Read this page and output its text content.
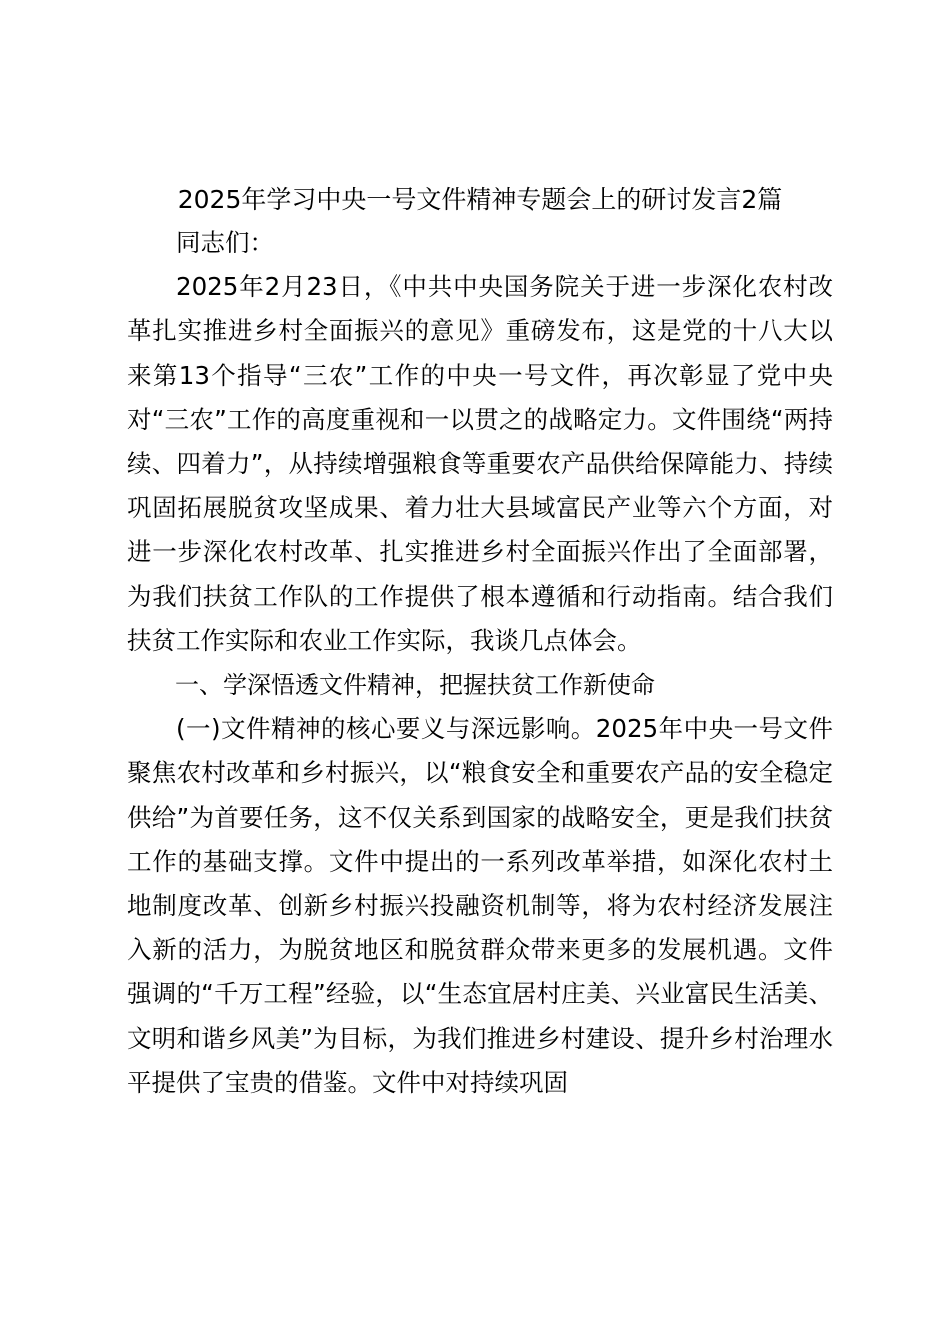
2025年学习中央一号文件精神专题会上的研讨发言2篇

同志们：

2025年2月23日，《中共中央国务院关于进一步深化农村改革扎实推进乡村全面振兴的意见》重磅发布，这是党的十八大以来第13个指导“三农”工作的中央一号文件，再次彰显了党中央对“三农”工作的高度重视和一以贯之的战略定力。文件围绕“两持续、四着力”，从持续增强粮食等重要农产品供给保障能力、持续巩固拓展脱贫攻坚成果、着力壮大县域富民产业等六个方面，对进一步深化农村改革、扎实推进乡村全面振兴作出了全面部署，为我们扶贫工作队的工作提供了根本遵循和行动指南。结合我们扶贫工作实际和农业工作实际，我谈几点体会。

一、学深悟透文件精神，把握扶贫工作新使命

(一)文件精神的核心要义与深远影响。2025年中央一号文件聚焦农村改革和乡村振兴，以“粮食安全和重要农产品的安全稳定供给”为首要任务，这不仅关系到国家的战略安全，更是我们扶贫工作的基础支撑。文件中提出的一系列改革举措，如深化农村土地制度改革、创新乡村振兴投融资机制等，将为农村经济发展注入新的活力，为脱贫地区和脱贫群众带来更多的发展机遇。文件强调的“千万工程”经验，以“生态宜居村庄美、兴业富民生活美、文明和谐乡风美”为目标，为我们推进乡村建设、提升乡村治理水平提供了宝贵的借鉴。文件中对持续巩固
